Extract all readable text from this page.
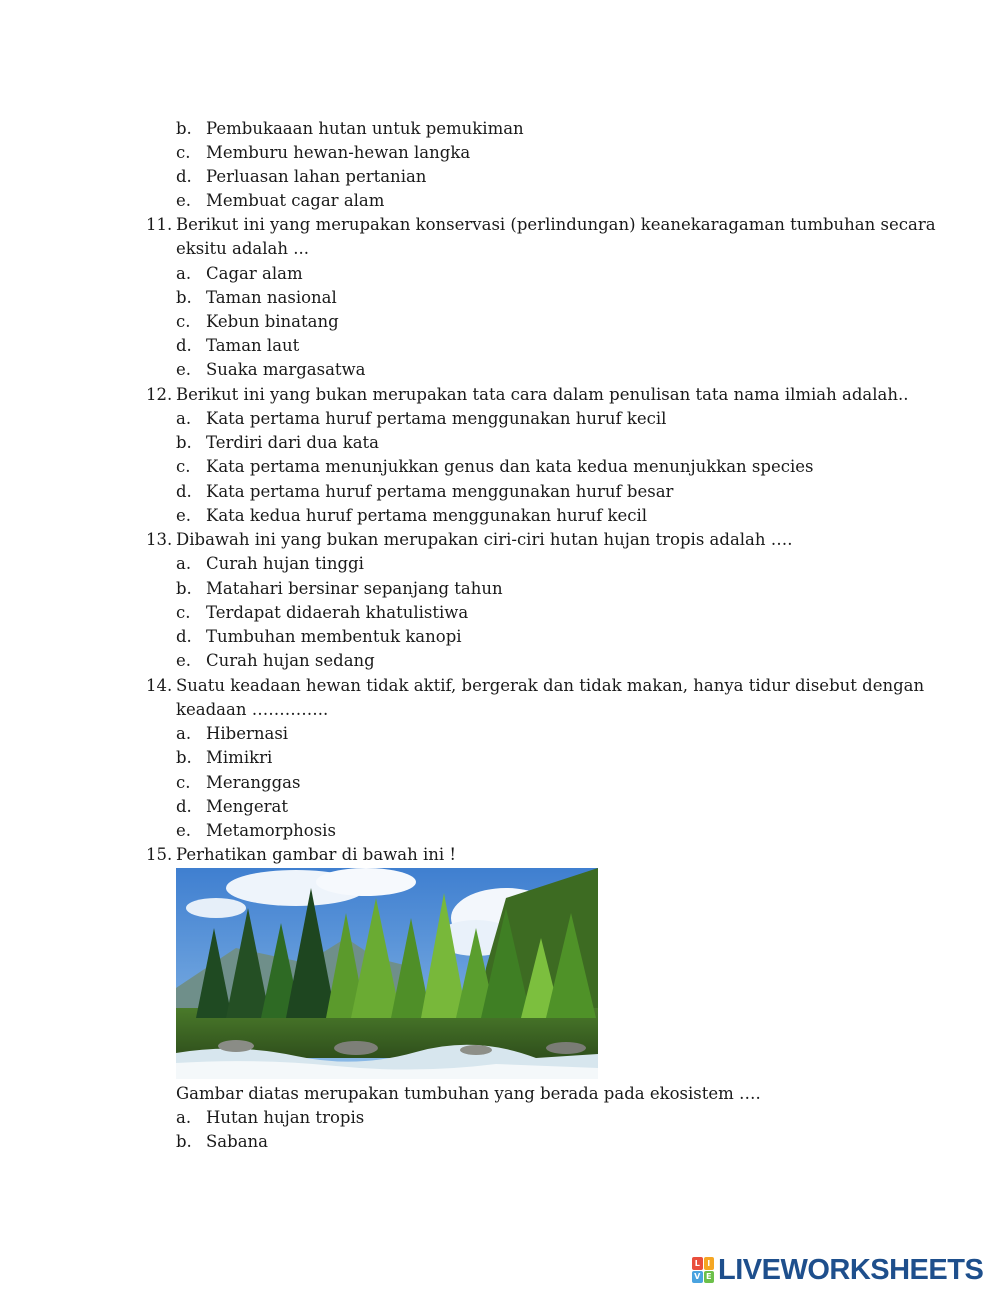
b. Pembukaaan hutan untuk pemukiman
c. Memburu hewan-hewan langka
d. Perluasan lahan pertanian
e. Membuat cagar alam
11. Berikut ini yang merupakan konservasi (perlindungan) keanekaragaman tumbuhan secara
eksitu adalah ...
a. Cagar alam
b. Taman nasional
c. Kebun binatang
d. Taman laut
e. Suaka margasatwa
12. Berikut ini yang bukan merupakan tata cara dalam penulisan tata nama ilmiah adalah..
a. Kata pertama huruf pertama menggunakan huruf kecil
b. Terdiri dari dua kata
c. Kata pertama menunjukkan genus dan kata kedua menunjukkan species
d. Kata pertama huruf pertama menggunakan huruf besar
e. Kata kedua huruf pertama menggunakan huruf kecil
13. Dibawah ini yang bukan merupakan ciri-ciri hutan hujan tropis adalah ….
a. Curah hujan tinggi
b. Matahari bersinar sepanjang tahun
c. Terdapat didaerah khatulistiwa
d. Tumbuhan membentuk kanopi
e. Curah hujan sedang
14. Suatu keadaan hewan tidak aktif, bergerak dan tidak makan, hanya tidur disebut dengan
keadaan …………..
a. Hibernasi
b. Mimikri
c. Meranggas
d. Mengerat
e. Metamorphosis
15. Perhatikan gambar di bawah ini !
Gambar diatas merupakan tumbuhan yang berada pada ekosistem ….
a. Hutan hujan tropis
b. Sabana
L I
V E LIVEWORKSHEETS
